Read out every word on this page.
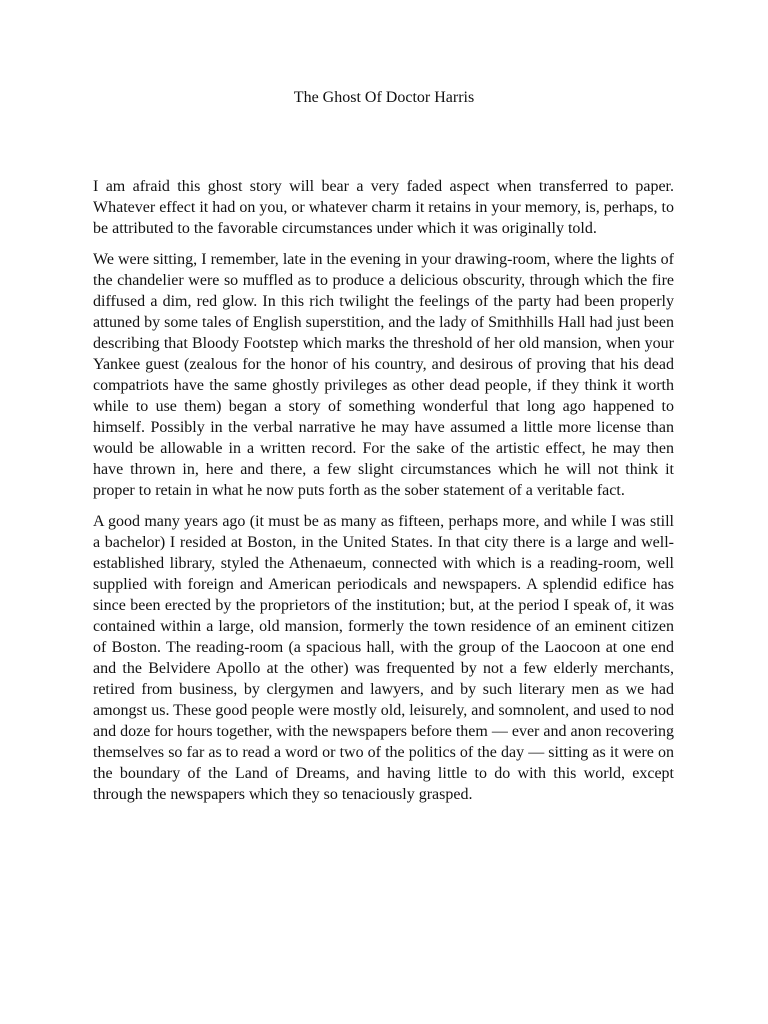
The Ghost Of Doctor Harris

I am afraid this ghost story will bear a very faded aspect when transferred to paper. Whatever effect it had on you, or whatever charm it retains in your memory, is, perhaps, to be attributed to the favorable circumstances under which it was originally told.

We were sitting, I remember, late in the evening in your drawing-room, where the lights of the chandelier were so muffled as to produce a delicious obscurity, through which the fire diffused a dim, red glow. In this rich twilight the feelings of the party had been properly attuned by some tales of English superstition, and the lady of Smithhills Hall had just been describing that Bloody Footstep which marks the threshold of her old mansion, when your Yankee guest (zealous for the honor of his country, and desirous of proving that his dead compatriots have the same ghostly privileges as other dead people, if they think it worth while to use them) began a story of something wonderful that long ago happened to himself. Possibly in the verbal narrative he may have assumed a little more license than would be allowable in a written record. For the sake of the artistic effect, he may then have thrown in, here and there, a few slight circumstances which he will not think it proper to retain in what he now puts forth as the sober statement of a veritable fact.

A good many years ago (it must be as many as fifteen, perhaps more, and while I was still a bachelor) I resided at Boston, in the United States. In that city there is a large and well-established library, styled the Athenaeum, connected with which is a reading-room, well supplied with foreign and American periodicals and newspapers. A splendid edifice has since been erected by the proprietors of the institution; but, at the period I speak of, it was contained within a large, old mansion, formerly the town residence of an eminent citizen of Boston. The reading-room (a spacious hall, with the group of the Laocoon at one end and the Belvidere Apollo at the other) was frequented by not a few elderly merchants, retired from business, by clergymen and lawyers, and by such literary men as we had amongst us. These good people were mostly old, leisurely, and somnolent, and used to nod and doze for hours together, with the newspapers before them — ever and anon recovering themselves so far as to read a word or two of the politics of the day — sitting as it were on the boundary of the Land of Dreams, and having little to do with this world, except through the newspapers which they so tenaciously grasped.
